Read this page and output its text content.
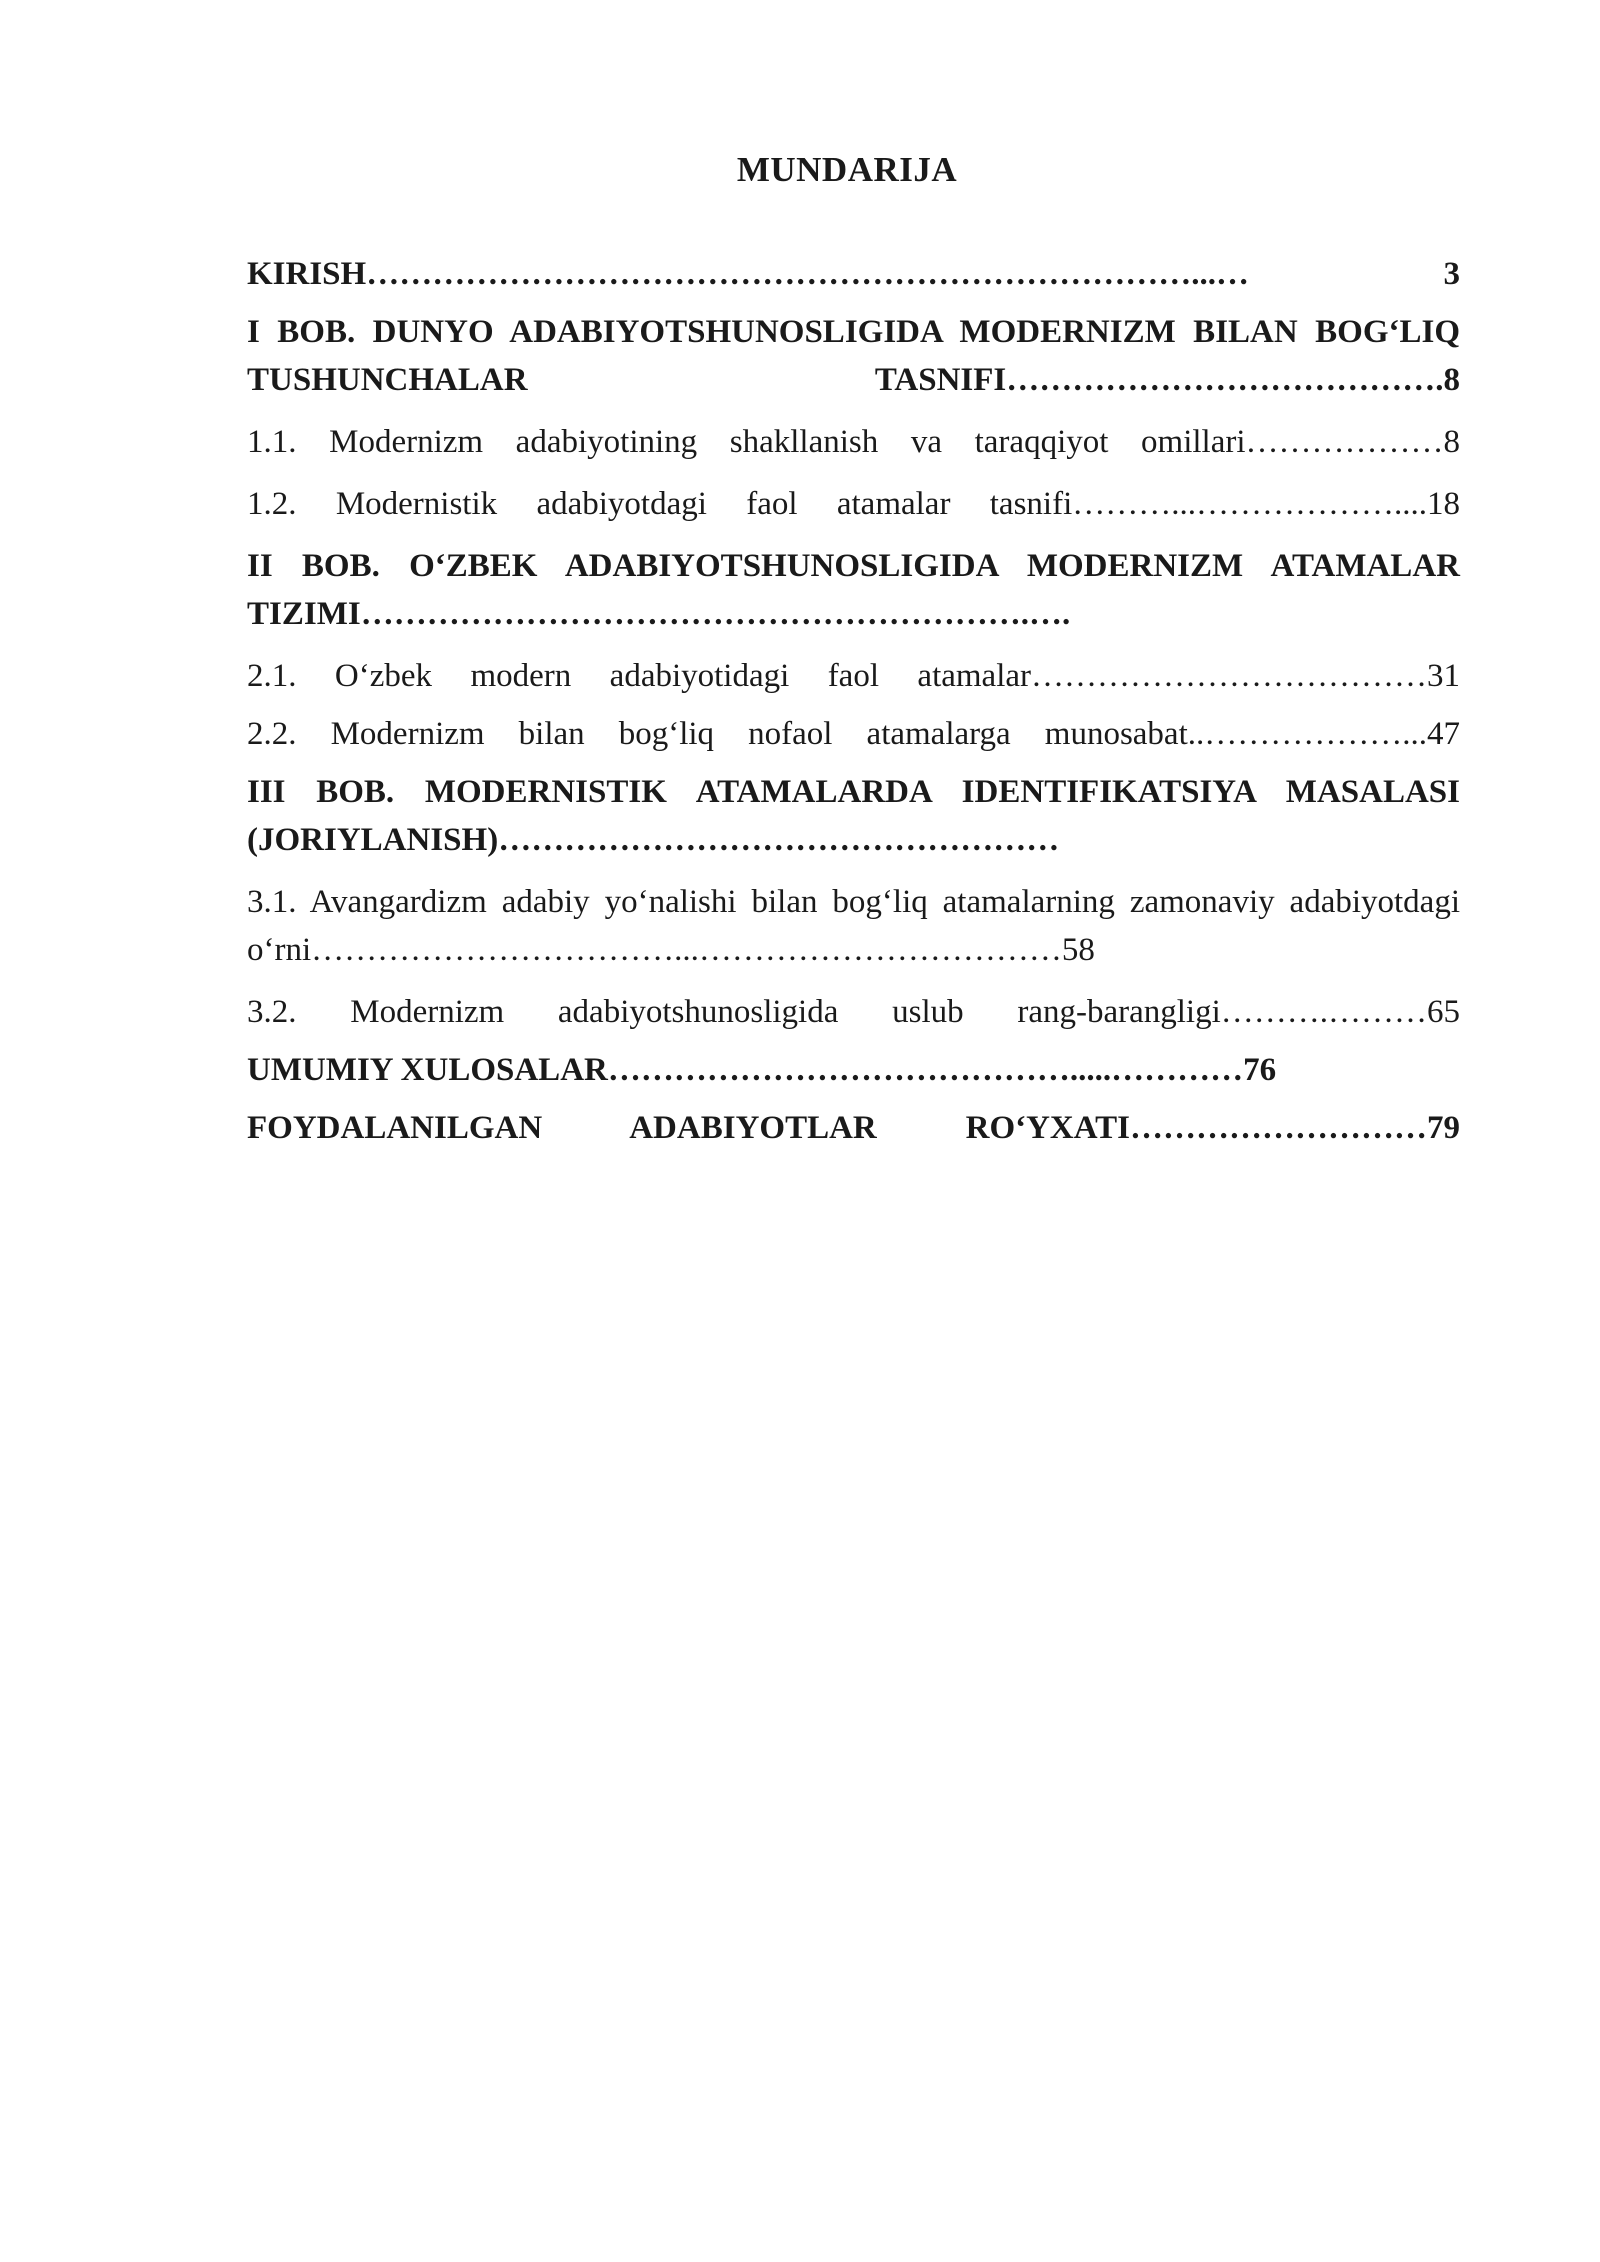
MUNDARIJA
KIRISH…………………………………………………………………...… 3
I BOB. DUNYO ADABIYOTSHUNOSLIGIDA MODERNIZM BILAN BOG‘LIQ TUSHUNCHALAR TASNIFI………………………………….8
1.1. Modernizm adabiyotining shakllanish va taraqqiyot omillari………………8
1.2. Modernistik adabiyotdagi faol atamalar tasnifi………...………………....18
II BOB. O‘ZBEK ADABIYOTSHUNOSLIGIDA MODERNIZM ATAMALAR TIZIMI…………………………………………………….….
2.1. O‘zbek modern adabiyotidagi faol atamalar………………………………31
2.2. Modernizm bilan bog‘liq nofaol atamalarga munosabat..………………...47
III BOB. MODERNISTIK ATAMALARDA IDENTIFIKATSIYA MASALASI (JORIYLANISH)……………………………………………
3.1. Avangardizm adabiy yo‘nalishi bilan bog‘liq atamalarning zamonaviy adabiyotdagi o‘rni……………………………...……………………………58
3.2. Modernizm adabiyotshunosligida uslub rang-barangligi……….………65
UMUMIY XULOSALAR…………………………………….....…………76
FOYDALANILGAN ADABIYOTLAR RO‘YXATI………………………79
